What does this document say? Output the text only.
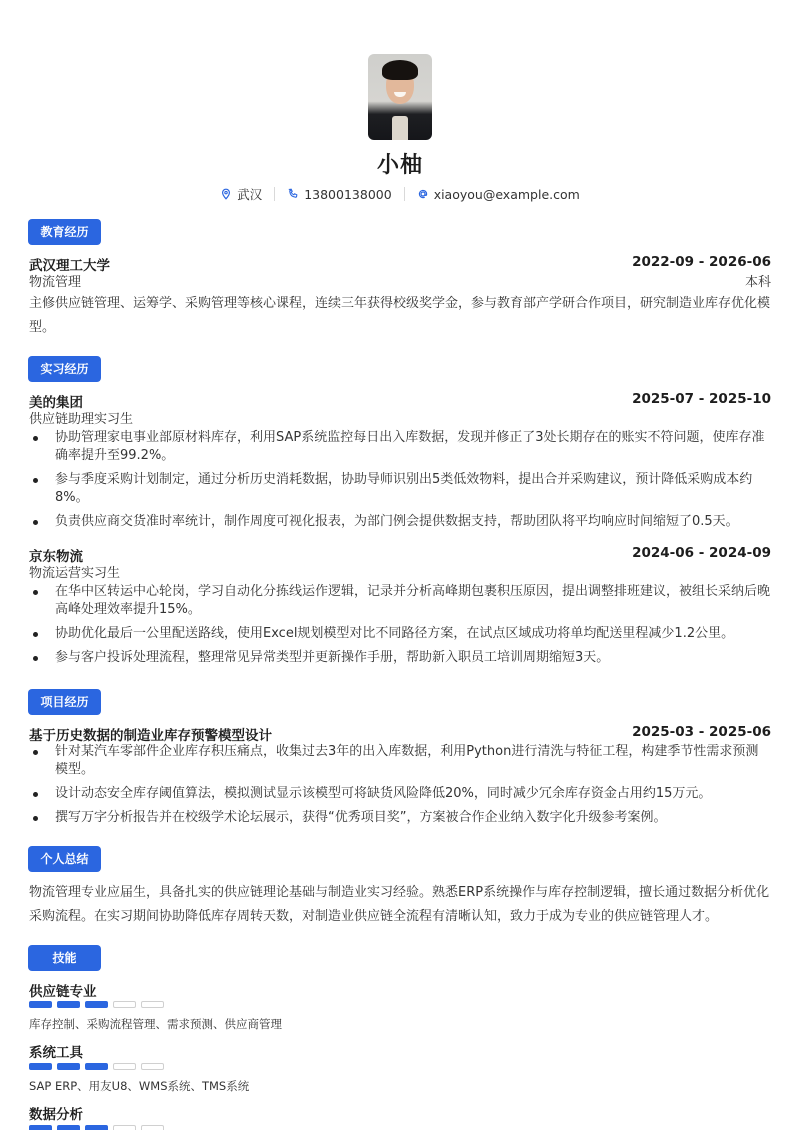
小柚
武汉	13800138000	xiaoyou@example.com
教育经历
武汉理工大学	2022-09 - 2026-06
物流管理	本科
主修供应链管理、运筹学、采购管理等核心课程，连续三年获得校级奖学金，参与教育部产学研合作项目，研究制造业库存优化模型。
实习经历
美的集团	2025-07 - 2025-10
供应链助理实习生
协助管理家电事业部原材料库存，利用SAP系统监控每日出入库数据，发现并修正了3处长期存在的账实不符问题，使库存准确率提升至99.2%。
参与季度采购计划制定，通过分析历史消耗数据，协助导师识别出5类低效物料，提出合并采购建议，预计降低采购成本约8%。
负责供应商交货准时率统计，制作周度可视化报表，为部门例会提供数据支持，帮助团队将平均响应时间缩短了0.5天。
京东物流	2024-06 - 2024-09
物流运营实习生
在华中区转运中心轮岗，学习自动化分拣线运作逻辑，记录并分析高峰期包裹积压原因，提出调整排班建议，被组长采纳后晚高峰处理效率提升15%。
协助优化最后一公里配送路线，使用Excel规划模型对比不同路径方案，在试点区域成功将单均配送里程减少1.2公里。
参与客户投诉处理流程，整理常见异常类型并更新操作手册，帮助新入职员工培训周期缩短3天。
项目经历
基于历史数据的制造业库存预警模型设计	2025-03 - 2025-06
针对某汽车零部件企业库存积压痛点，收集过去3年的出入库数据，利用Python进行清洗与特征工程，构建季节性需求预测模型。
设计动态安全库存阈值算法，模拟测试显示该模型可将缺货风险降低20%，同时减少冗余库存资金占用约15万元。
撰写万字分析报告并在校级学术论坛展示，获得“优秀项目奖”，方案被合作企业纳入数字化升级参考案例。
个人总结
物流管理专业应届生，具备扎实的供应链理论基础与制造业实习经验。熟悉ERP系统操作与库存控制逻辑，擅长通过数据分析优化采购流程。在实习期间协助降低库存周转天数，对制造业供应链全流程有清晰认知，致力于成为专业的供应链管理人才。
技能
供应链专业
库存控制、采购流程管理、需求预测、供应商管理
系统工具
SAP ERP、用友U8、WMS系统、TMS系统
数据分析
